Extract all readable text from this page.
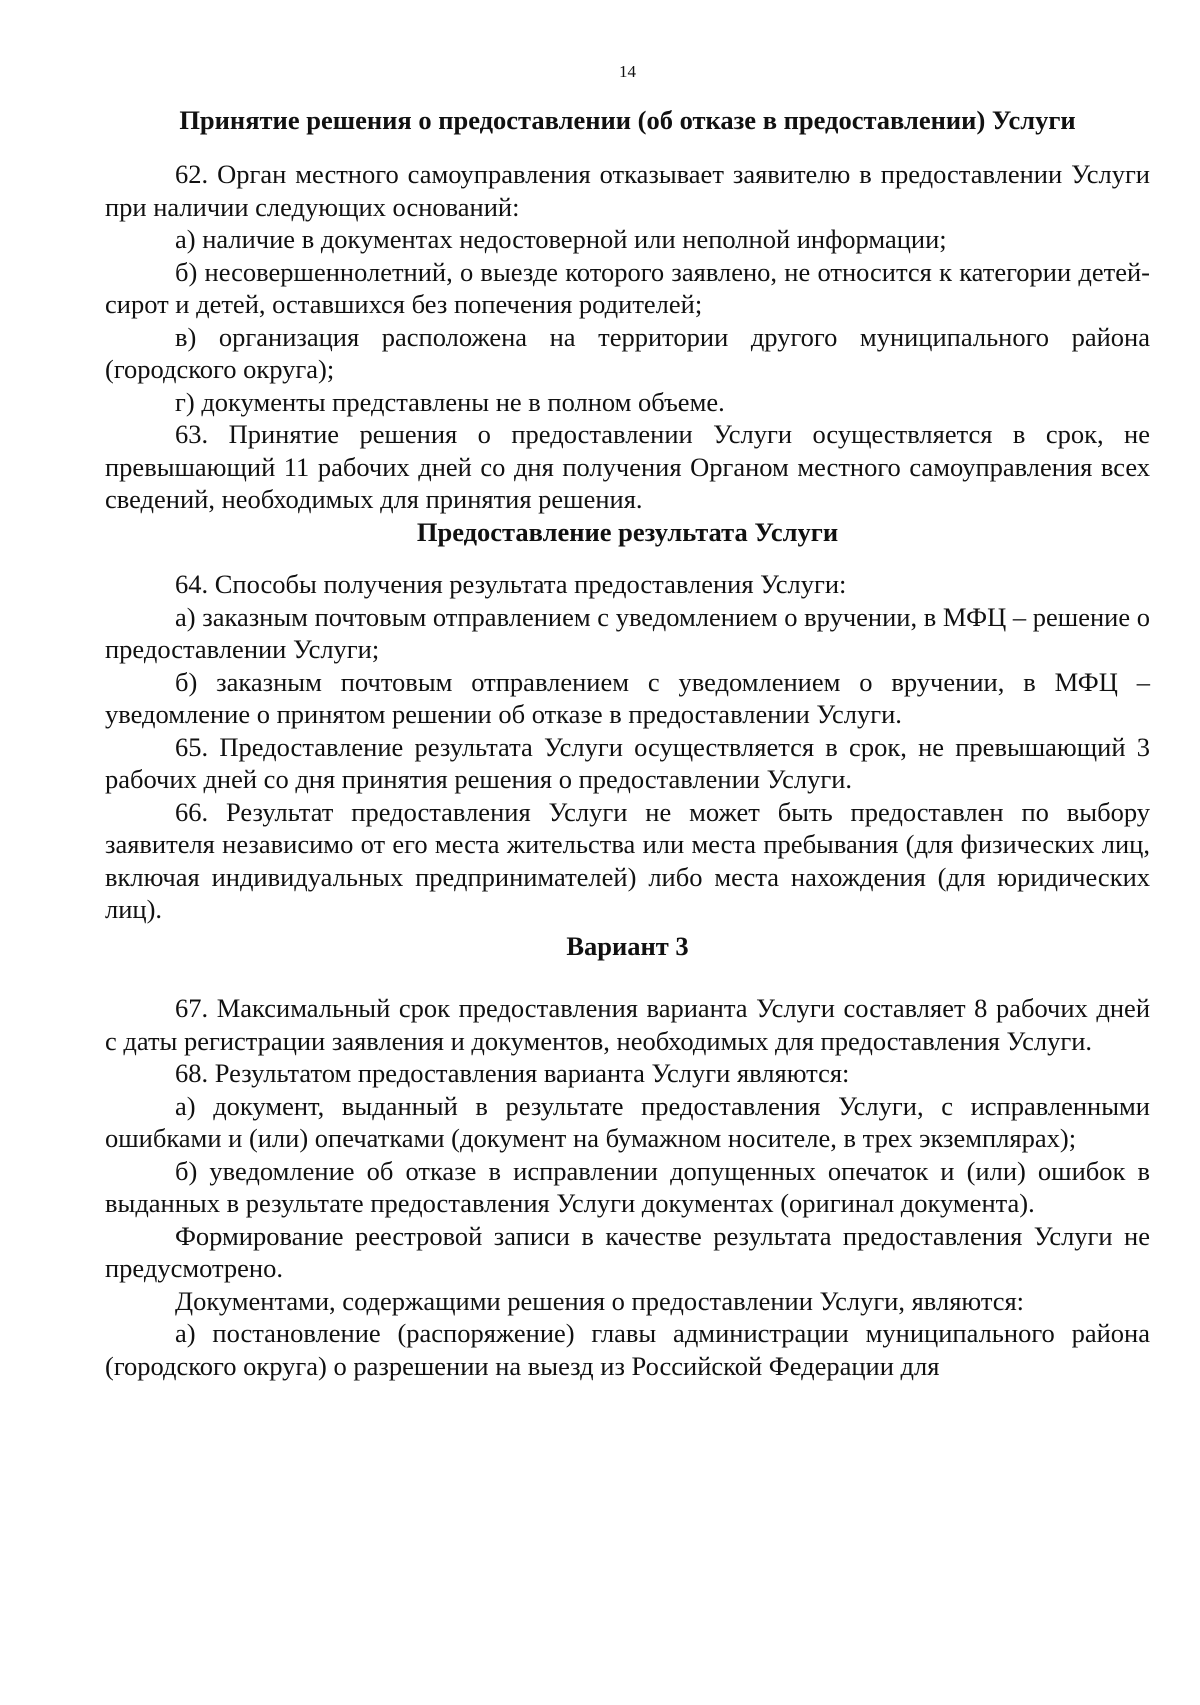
14
Принятие решения о предоставлении (об отказе в предоставлении) Услуги

62. Орган местного самоуправления отказывает заявителю в предоставлении Услуги при наличии следующих оснований:

а) наличие в документах недостоверной или неполной информации;

б) несовершеннолетний, о выезде которого заявлено, не относится к категории детей-сирот и детей, оставшихся без попечения родителей;

в) организация расположена на территории другого муниципального района (городского округа);

г) документы представлены не в полном объеме.

63. Принятие решения о предоставлении Услуги осуществляется в срок, не превышающий 11 рабочих дней со дня получения Органом местного самоуправления всех сведений, необходимых для принятия решения.

Предоставление результата Услуги

64. Способы получения результата предоставления Услуги:

а) заказным почтовым отправлением с уведомлением о вручении, в МФЦ – решение о предоставлении Услуги;

б) заказным почтовым отправлением с уведомлением о вручении, в МФЦ – уведомление о принятом решении об отказе в предоставлении Услуги.

65. Предоставление результата Услуги осуществляется в срок, не превышающий 3 рабочих дней со дня принятия решения о предоставлении Услуги.

66. Результат предоставления Услуги не может быть предоставлен по выбору заявителя независимо от его места жительства или места пребывания (для физических лиц, включая индивидуальных предпринимателей) либо места нахождения (для юридических лиц).

Вариант 3

67. Максимальный срок предоставления варианта Услуги составляет 8 рабочих дней с даты регистрации заявления и документов, необходимых для предоставления Услуги.

68. Результатом предоставления варианта Услуги являются:

а) документ, выданный в результате предоставления Услуги, с исправленными ошибками и (или) опечатками (документ на бумажном носителе, в трех экземплярах);

б) уведомление об отказе в исправлении допущенных опечаток и (или) ошибок в выданных в результате предоставления Услуги документах (оригинал документа).

Формирование реестровой записи в качестве результата предоставления Услуги не предусмотрено.

Документами, содержащими решения о предоставлении Услуги, являются:

а) постановление (распоряжение) главы администрации муниципального района (городского округа) о разрешении на выезд из Российской Федерации для
